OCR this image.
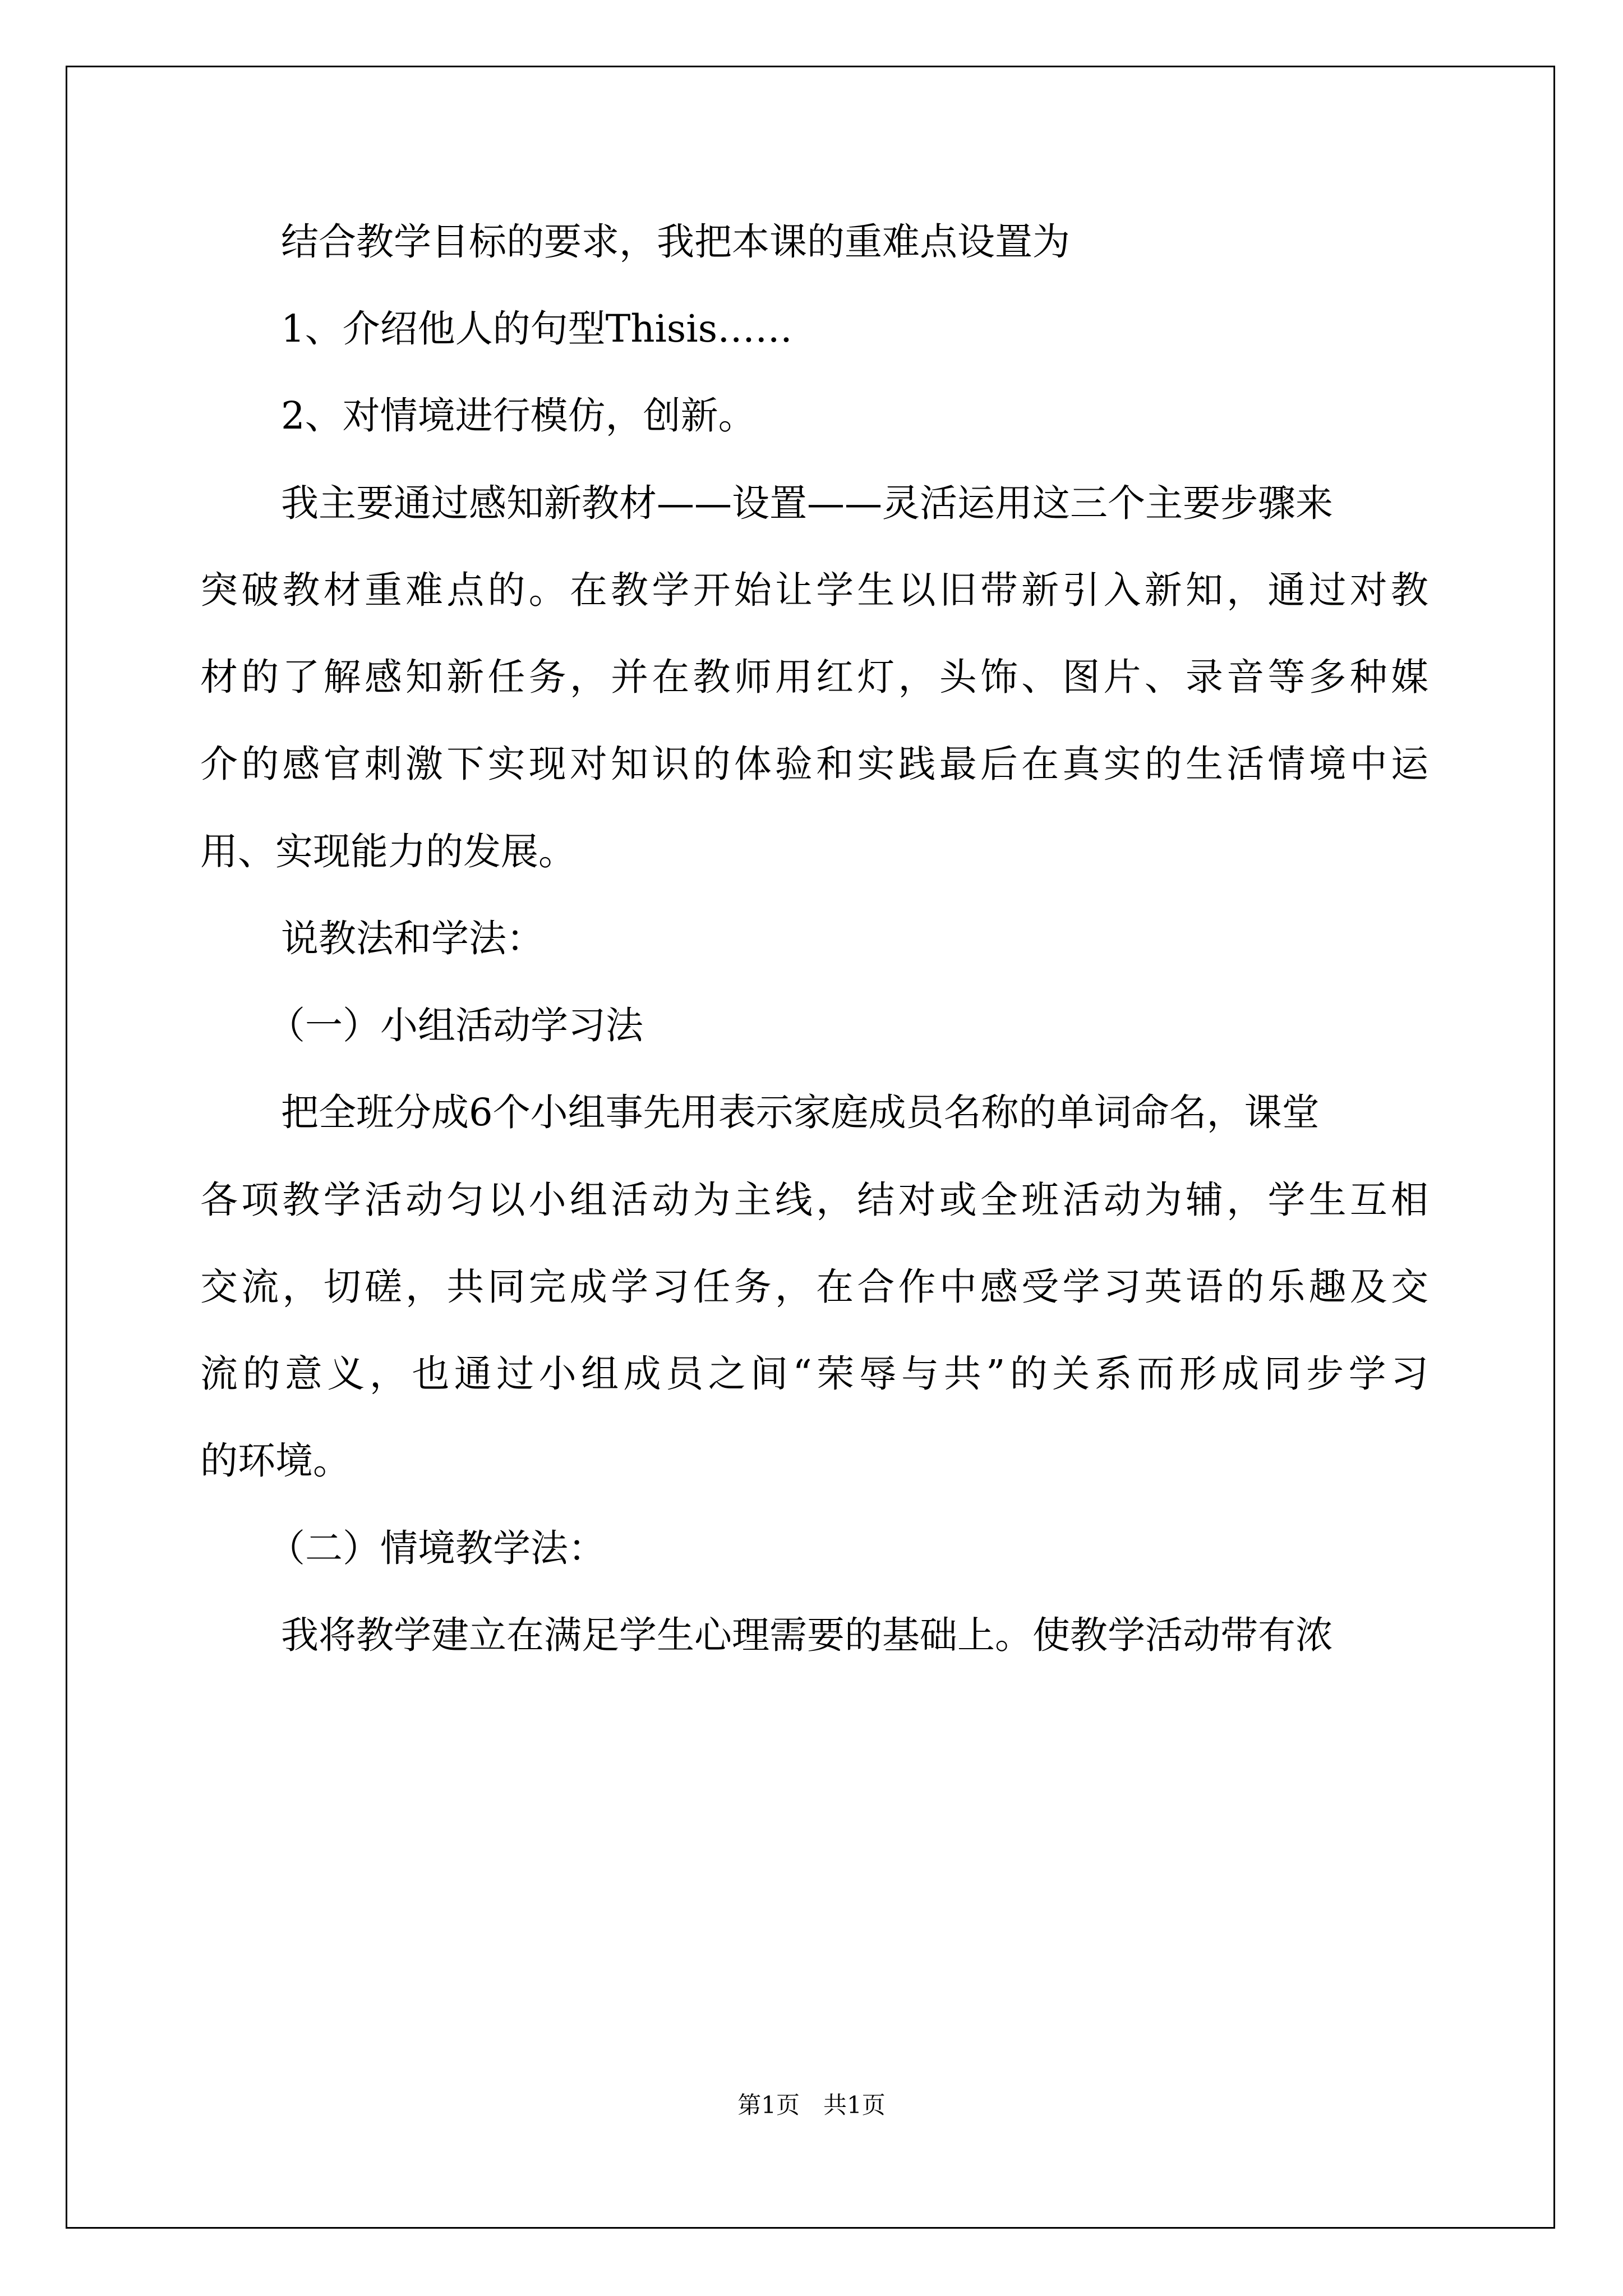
结合教学目标的要求，我把本课的重难点设置为
1、介绍他人的句型Thisis……
2、对情境进行模仿，创新。
我主要通过感知新教材——设置——灵活运用这三个主要步骤来
突破教材重难点的。在教学开始让学生以旧带新引入新知，通过对教
材的了解感知新任务，并在教师用红灯，头饰、图片、录音等多种媒
介的感官刺激下实现对知识的体验和实践最后在真实的生活情境中运
用、实现能力的发展。
说教法和学法：
（一）小组活动学习法
把全班分成6个小组事先用表示家庭成员名称的单词命名，课堂
各项教学活动匀以小组活动为主线，结对或全班活动为辅，学生互相
交流，切磋，共同完成学习任务，在合作中感受学习英语的乐趣及交
流的意义，也通过小组成员之间“荣辱与共”的关系而形成同步学习
的环境。
（二）情境教学法：
我将教学建立在满足学生心理需要的基础上。使教学活动带有浓
第1页　共1页
